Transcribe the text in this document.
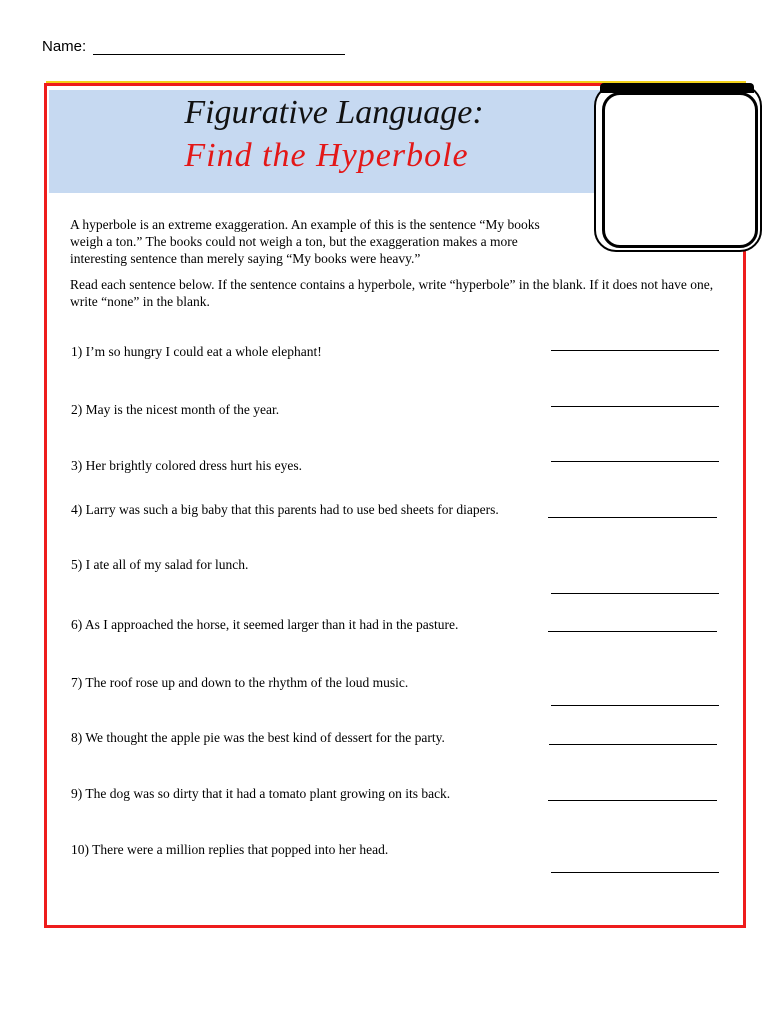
Name:
Figurative Language:
Find the Hyperbole
A hyperbole is an extreme exaggeration. An example of this is the sentence “My books weigh a ton.” The books could not weigh a ton, but the exaggeration makes a more interesting sentence than merely saying “My books were heavy.”
Read each sentence below. If the sentence contains a hyperbole, write “hyperbole” in the blank. If it does not have one, write “none” in the blank.
1) I’m so hungry I could eat a whole elephant!
2) May is the nicest month of the year.
3) Her brightly colored dress hurt his eyes.
4) Larry was such a big baby that this parents had to use bed sheets for diapers.
5) I ate all of my salad for lunch.
6) As I approached the horse, it seemed larger than it had in the pasture.
7) The roof rose up and down to the rhythm of the loud music.
8) We thought the apple pie was the best kind of dessert for the party.
9) The dog was so dirty that it had a tomato plant growing on its back.
10) There were a million replies that popped into her head.
